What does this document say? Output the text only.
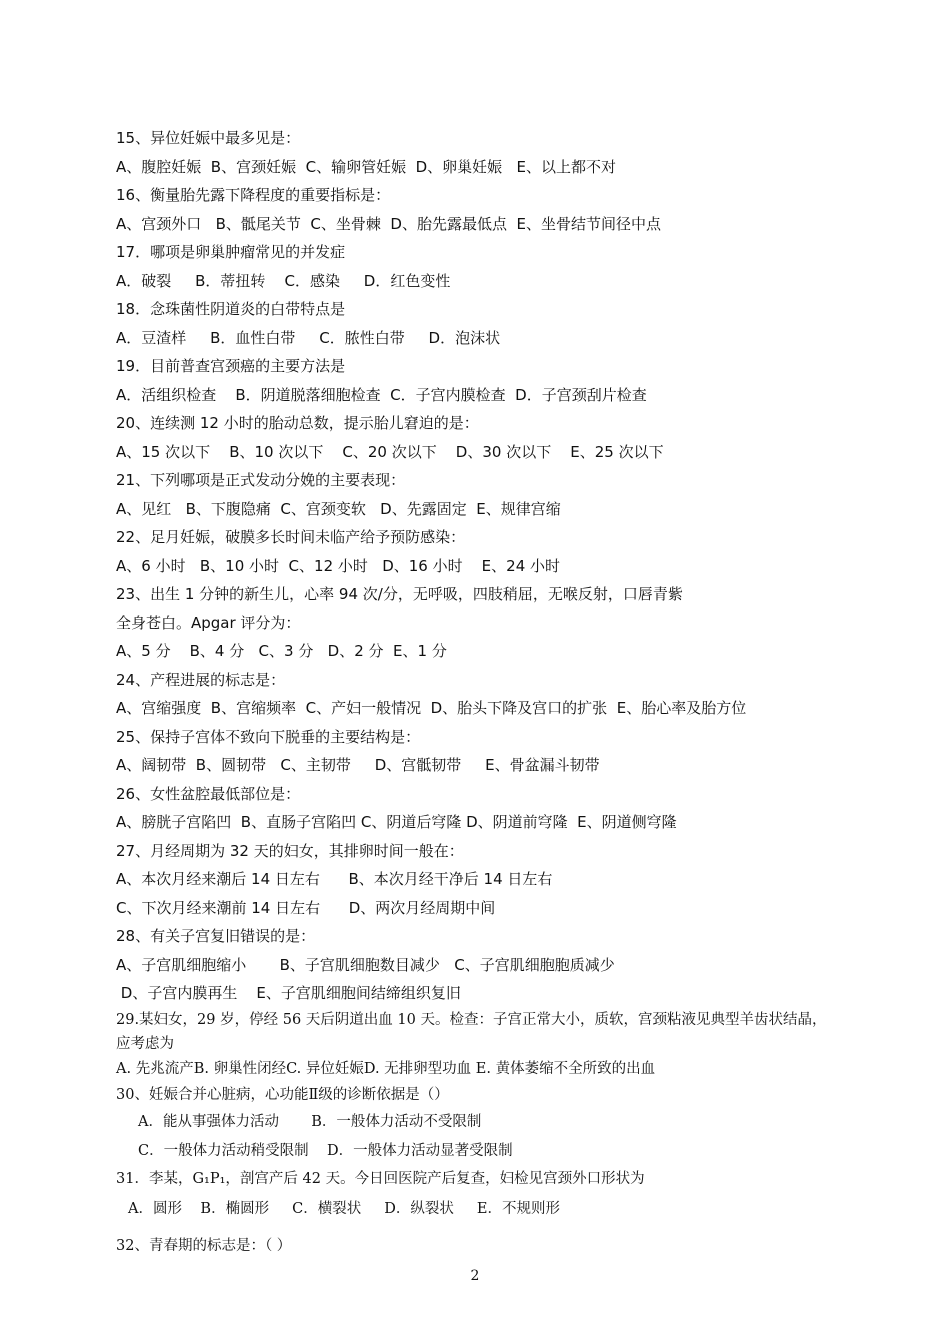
15、异位妊娠中最多见是：
A、腹腔妊娠  B、宫颈妊娠  C、输卵管妊娠  D、卵巢妊娠   E、以上都不对
16、衡量胎先露下降程度的重要指标是：
A、宫颈外口   B、骶尾关节  C、坐骨棘  D、胎先露最低点  E、坐骨结节间径中点
17．哪项是卵巢肿瘤常见的并发症
A．破裂     B．蒂扭转    C．感染     D．红色变性
18．念珠菌性阴道炎的白带特点是
A．豆渣样     B．血性白带     C．脓性白带     D．泡沫状
19．目前普查宫颈癌的主要方法是
A．活组织检查    B．阴道脱落细胞检查  C．子宫内膜检查  D．子宫颈刮片检查
20、连续测 12 小时的胎动总数，提示胎儿窘迫的是：
A、15 次以下    B、10 次以下    C、20 次以下    D、30 次以下    E、25 次以下
21、下列哪项是正式发动分娩的主要表现：
A、见红   B、下腹隐痛  C、宫颈变软   D、先露固定  E、规律宫缩
22、足月妊娠，破膜多长时间未临产给予预防感染：
A、6 小时   B、10 小时  C、12 小时   D、16 小时    E、24 小时
23、出生 1 分钟的新生儿，心率 94 次/分，无呼吸，四肢稍屈，无喉反射，口唇青紫
全身苍白。Apgar 评分为：
A、5 分    B、4 分   C、3 分   D、2 分  E、1 分
24、产程进展的标志是：
A、宫缩强度  B、宫缩频率  C、产妇一般情况  D、胎头下降及宫口的扩张  E、胎心率及胎方位
25、保持子宫体不致向下脱垂的主要结构是：
A、阔韧带  B、圆韧带   C、主韧带     D、宫骶韧带     E、骨盆漏斗韧带
26、女性盆腔最低部位是：
A、膀胱子宫陷凹  B、直肠子宫陷凹 C、阴道后穹隆 D、阴道前穹隆  E、阴道侧穹隆
27、月经周期为 32 天的妇女，其排卵时间一般在：
A、本次月经来潮后 14 日左右      B、本次月经干净后 14 日左右
C、下次月经来潮前 14 日左右      D、两次月经周期中间
28、有关子宫复旧错误的是：
A、子宫肌细胞缩小       B、子宫肌细胞数目减少   C、子宫肌细胞胞质减少
D、子宫内膜再生    E、子宫肌细胞间结缔组织复旧
29.某妇女，29 岁，停经 56 天后阴道出血 10 天。检查：子宫正常大小，质软，宫颈粘液见典型羊齿状结晶，应考虑为
A. 先兆流产B. 卵巢性闭经C. 异位妊娠D. 无排卵型功血 E. 黄体萎缩不全所致的出血
30、妊娠合并心脏病，心功能Ⅱ级的诊断依据是（）
A．能从事强体力活动       B．一般体力活动不受限制
C．一般体力活动稍受限制    D．一般体力活动显著受限制
31．李某，G₁P₁，剖宫产后 42 天。今日回医院产后复查，妇检见宫颈外口形状为
A．圆形    B．椭圆形     C．横裂状     D．纵裂状     E．不规则形
32、青春期的标志是：（ ）
2
